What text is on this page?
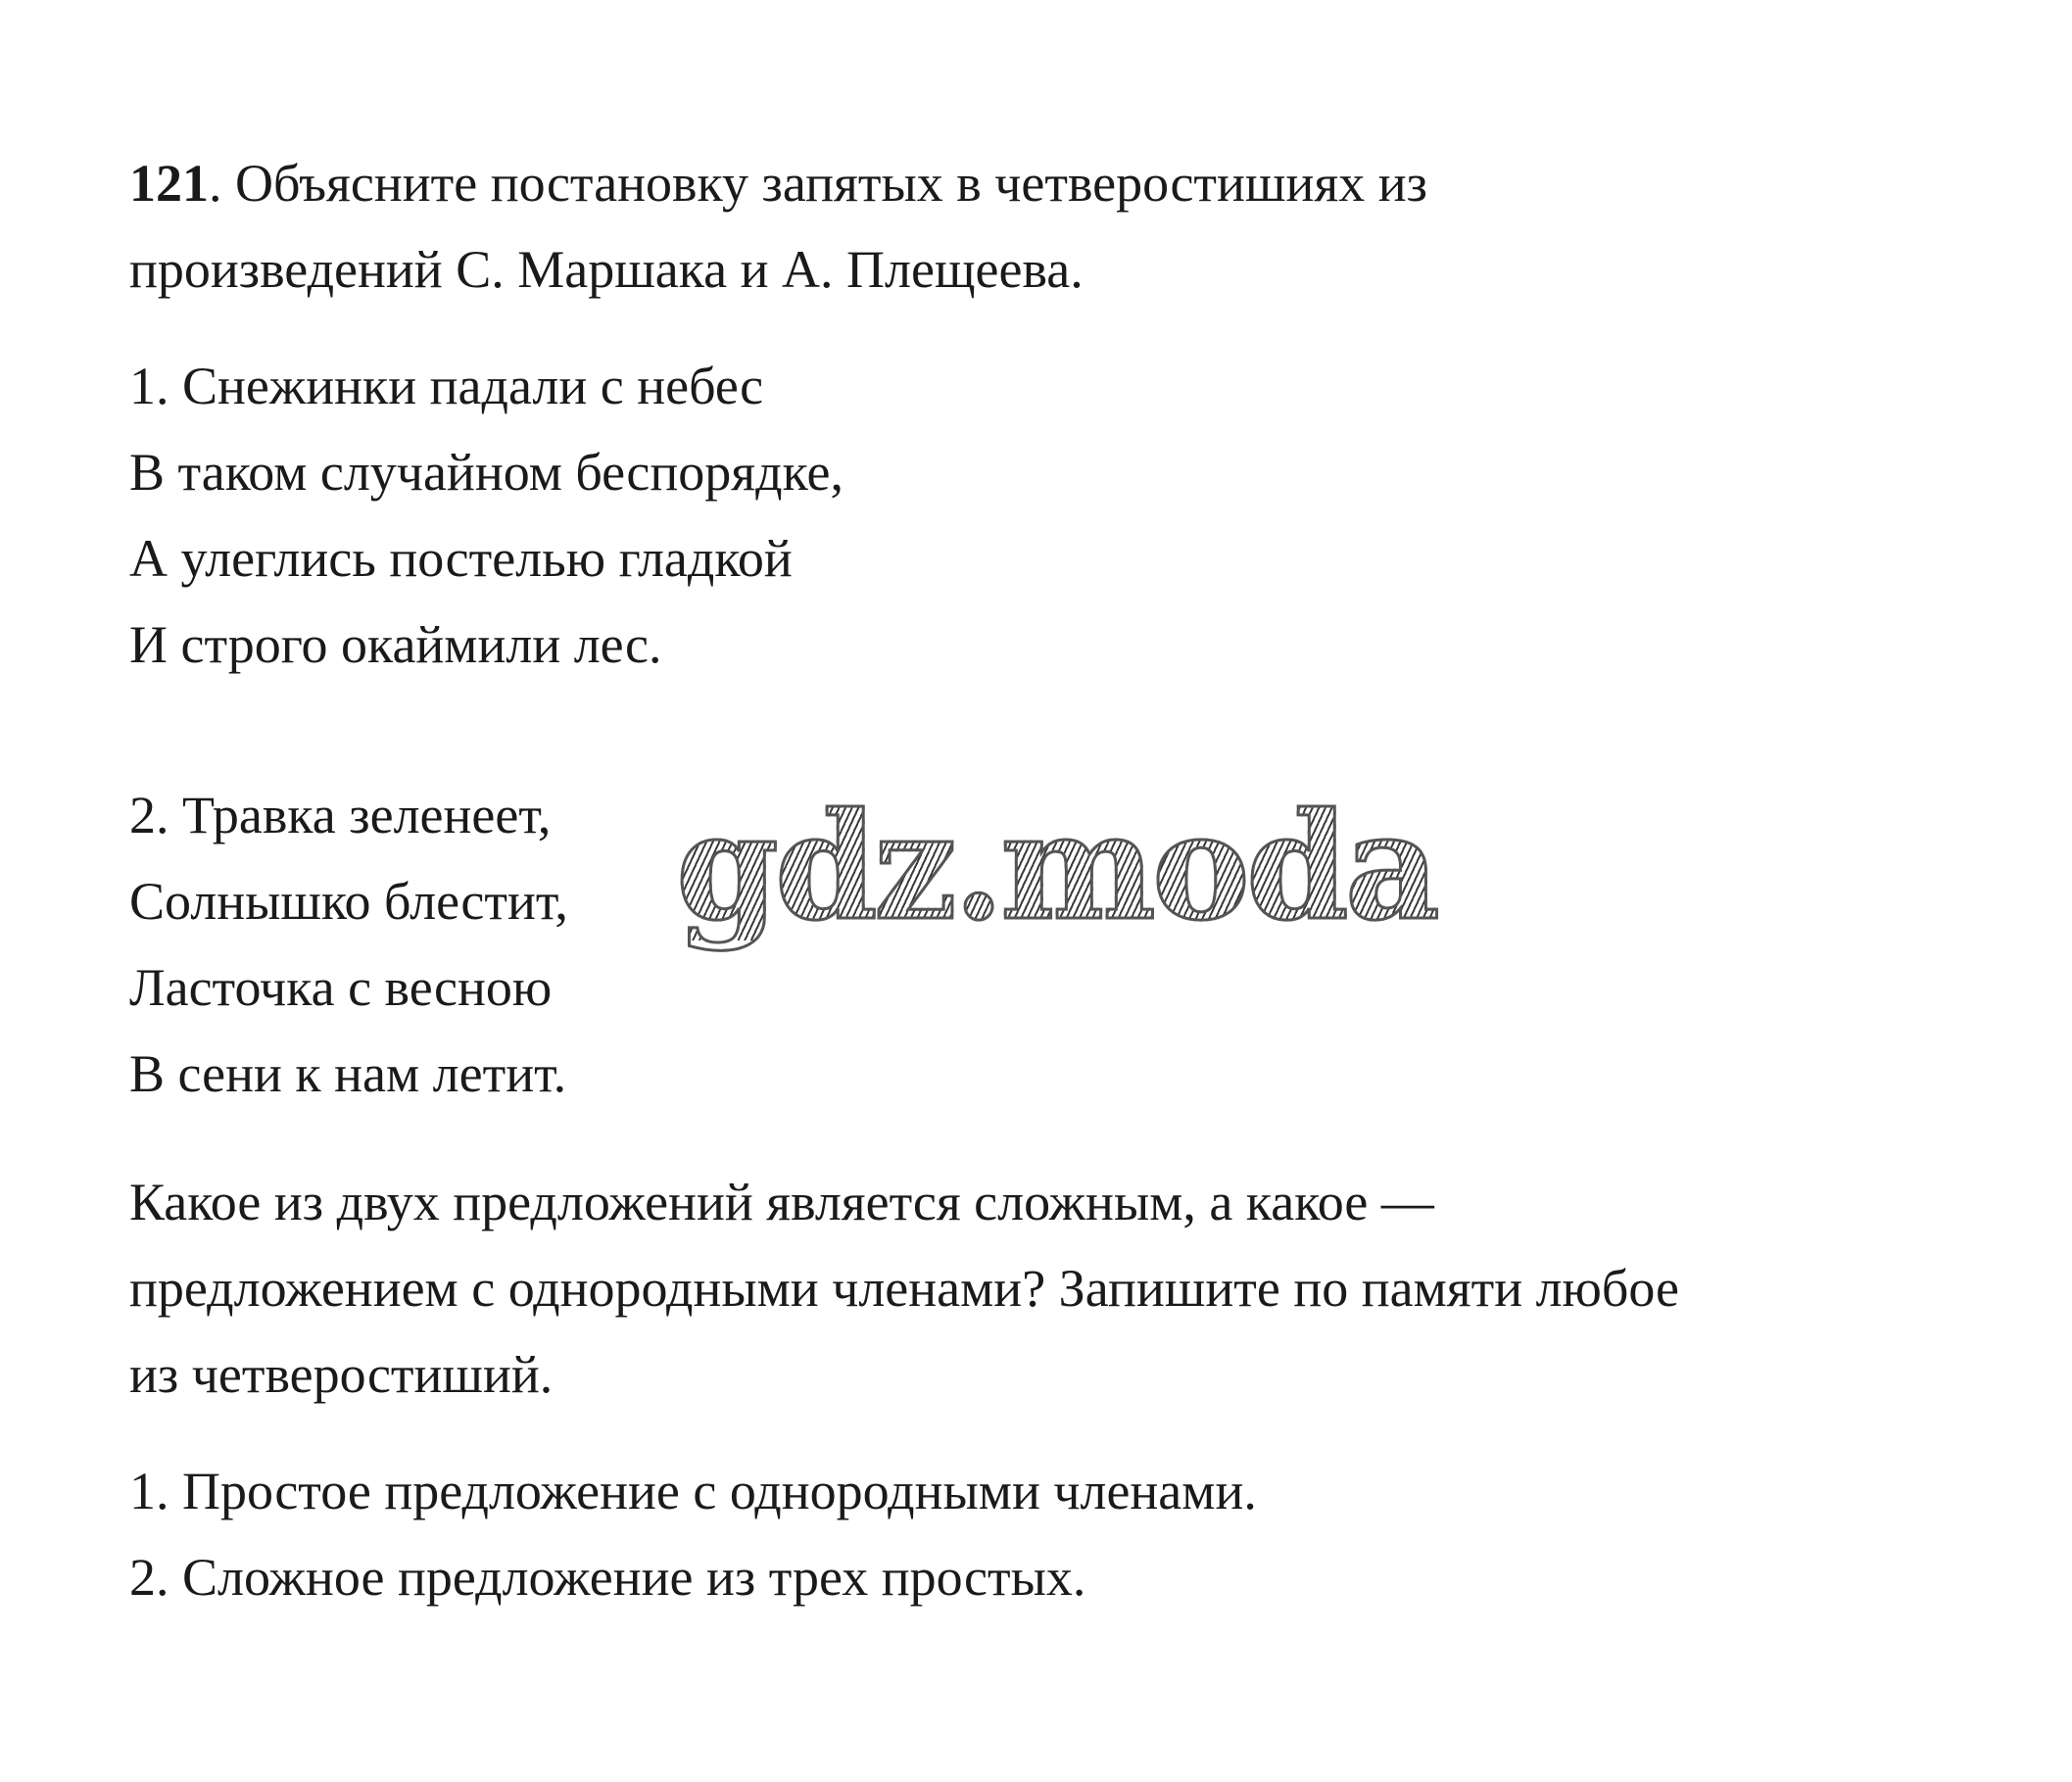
121. Объясните постановку запятых в четверостишиях из
произведений С. Маршака и А. Плещеева.
1. Снежинки падали с небес
В таком случайном беспорядке,
А улеглись постелью гладкой
И строго окаймили лес.
2. Травка зеленеет,
Солнышко блестит,
Ласточка с весною
В сени к нам летит.
Какое из двух предложений является сложным, а какое —
предложением с однородными членами? Запишите по памяти любое
из четверостиший.
1. Простое предложение с однородными членами.
2. Сложное предложение из трех простых.
gdz.moda
